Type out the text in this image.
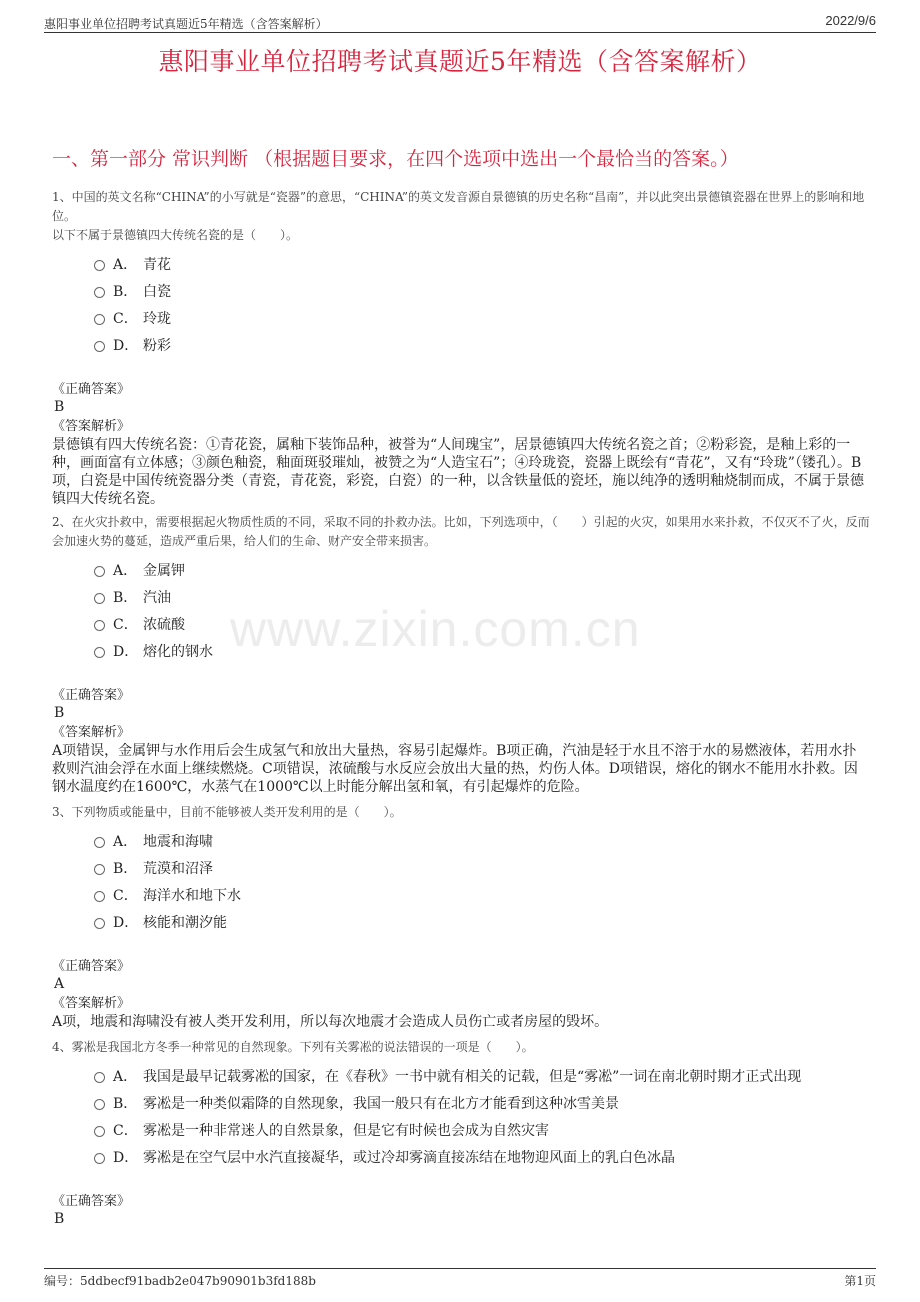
惠阳事业单位招聘考试真题近5年精选（含答案解析）	2022/9/6
惠阳事业单位招聘考试真题近5年精选（含答案解析）
一、第一部分 常识判断 （根据题目要求，在四个选项中选出一个最恰当的答案。）
www.zixin.com.cn
1、中国的英文名称“CHINA”的小写就是“瓷器”的意思，“CHINA”的英文发音源自景德镇的历史名称“昌南”，并以此突出景德镇瓷器在世界上的影响和地位。
以下不属于景德镇四大传统名瓷的是（　　）。
A． 青花
B． 白瓷
C． 玲珑
D． 粉彩
《正确答案》
B
《答案解析》
景德镇有四大传统名瓷：①青花瓷，属釉下装饰品种，被誉为“人间瑰宝”，居景德镇四大传统名瓷之首；②粉彩瓷，是釉上彩的一种，画面富有立体感；③颜色釉瓷，釉面斑驳璀灿，被赞之为“人造宝石”；④玲珑瓷，瓷器上既绘有“青花”，又有“玲珑”（镂孔）。B项，白瓷是中国传统瓷器分类（青瓷，青花瓷，彩瓷，白瓷）的一种，以含铁量低的瓷坯，施以纯净的透明釉烧制而成，不属于景德镇四大传统名瓷。
2、在火灾扑救中，需要根据起火物质性质的不同，采取不同的扑救办法。比如，下列选项中，（　　）引起的火灾，如果用水来扑救，不仅灭不了火，反而会加速火势的蔓延，造成严重后果，给人们的生命、财产安全带来损害。
A． 金属钾
B． 汽油
C． 浓硫酸
D． 熔化的钢水
《正确答案》
B
《答案解析》
A项错误，金属钾与水作用后会生成氢气和放出大量热，容易引起爆炸。B项正确，汽油是轻于水且不溶于水的易燃液体，若用水扑救则汽油会浮在水面上继续燃烧。C项错误，浓硫酸与水反应会放出大量的热，灼伤人体。D项错误，熔化的钢水不能用水扑救。因钢水温度约在1600℃，水蒸气在1000℃以上时能分解出氢和氧，有引起爆炸的危险。
3、下列物质或能量中，目前不能够被人类开发利用的是（　　）。
A． 地震和海啸
B． 荒漠和沼泽
C． 海洋水和地下水
D． 核能和潮汐能
《正确答案》
A
《答案解析》
A项，地震和海啸没有被人类开发利用，所以每次地震才会造成人员伤亡或者房屋的毁坏。
4、雾凇是我国北方冬季一种常见的自然现象。下列有关雾凇的说法错误的一项是（　　）。
A． 我国是最早记载雾凇的国家，在《春秋》一书中就有相关的记载，但是“雾凇”一词在南北朝时期才正式出现
B． 雾凇是一种类似霜降的自然现象，我国一般只有在北方才能看到这种冰雪美景
C． 雾凇是一种非常迷人的自然景象，但是它有时候也会成为自然灾害
D． 雾凇是在空气层中水汽直接凝华，或过冷却雾滴直接冻结在地物迎风面上的乳白色冰晶
《正确答案》
B
编号：5ddbecf91badb2e047b90901b3fd188b	第1页
